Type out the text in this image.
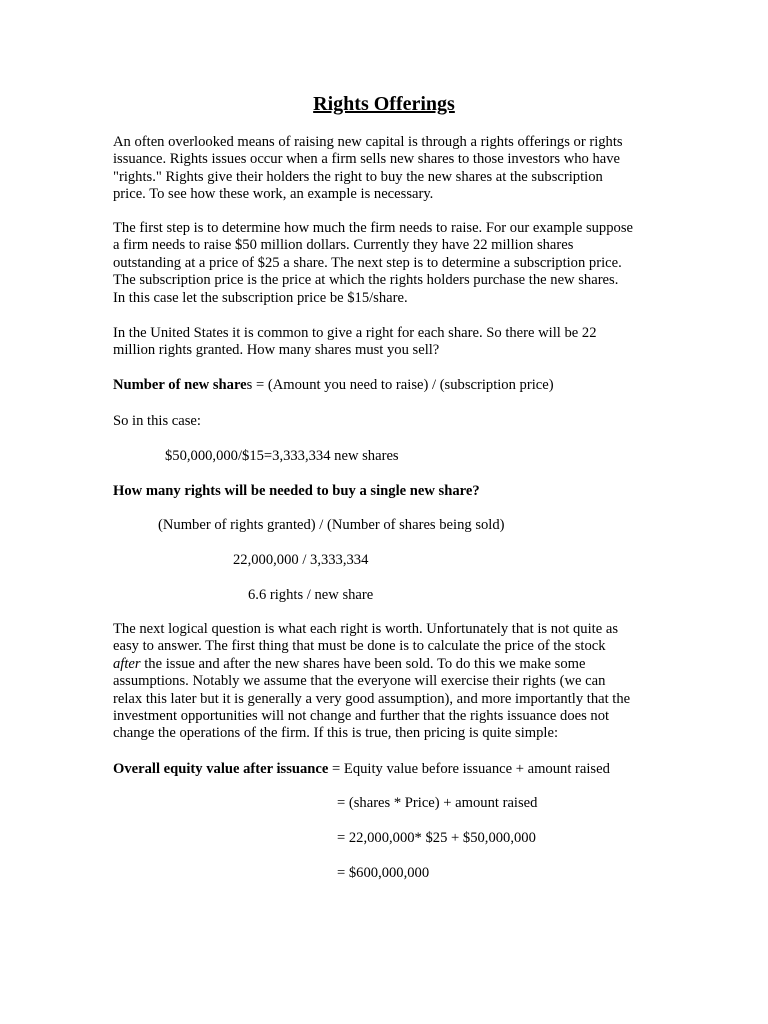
Rights Offerings

An often overlooked means of raising new capital is through a rights offerings or rights issuance. Rights issues occur when a firm sells new shares to those investors who have "rights." Rights give their holders the right to buy the new shares at the subscription price. To see how these work, an example is necessary.

The first step is to determine how much the firm needs to raise. For our example suppose a firm needs to raise $50 million dollars. Currently they have 22 million shares outstanding at a price of $25 a share. The next step is to determine a subscription price. The subscription price is the price at which the rights holders purchase the new shares. In this case let the subscription price be $15/share.

In the United States it is common to give a right for each share. So there will be 22 million rights granted. How many shares must you sell?

Number of new shares = (Amount you need to raise) / (subscription price)

So in this case:

$50,000,000/$15=3,333,334 new shares

How many rights will be needed to buy a single new share?

(Number of rights granted) / (Number of shares being sold)

22,000,000 / 3,333,334

6.6 rights / new share

The next logical question is what each right is worth. Unfortunately that is not quite as easy to answer. The first thing that must be done is to calculate the price of the stock after the issue and after the new shares have been sold. To do this we make some assumptions. Notably we assume that the everyone will exercise their rights (we can relax this later but it is generally a very good assumption), and more importantly that the investment opportunities will not change and further that the rights issuance does not change the operations of the firm. If this is true, then pricing is quite simple:

Overall equity value after issuance = Equity value before issuance + amount raised

= (shares * Price) + amount raised

= 22,000,000* $25 + $50,000,000

= $600,000,000
